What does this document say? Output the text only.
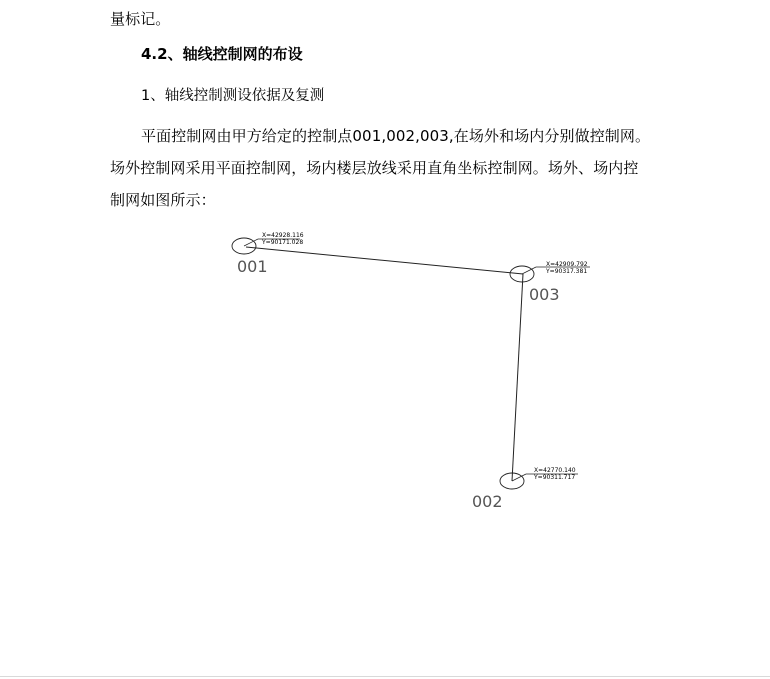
量标记。
4.2、轴线控制网的布设
1、轴线控制测设依据及复测
平面控制网由甲方给定的控制点001,002,003,在场外和场内分别做控制网。
场外控制网采用平面控制网，场内楼层放线采用直角坐标控制网。场外、场内控
制网如图所示：
X=42928.116
Y=90171.028
001	X=42909.792
Y=90317.381
003
X=42770.140
Y=90311.717
002
